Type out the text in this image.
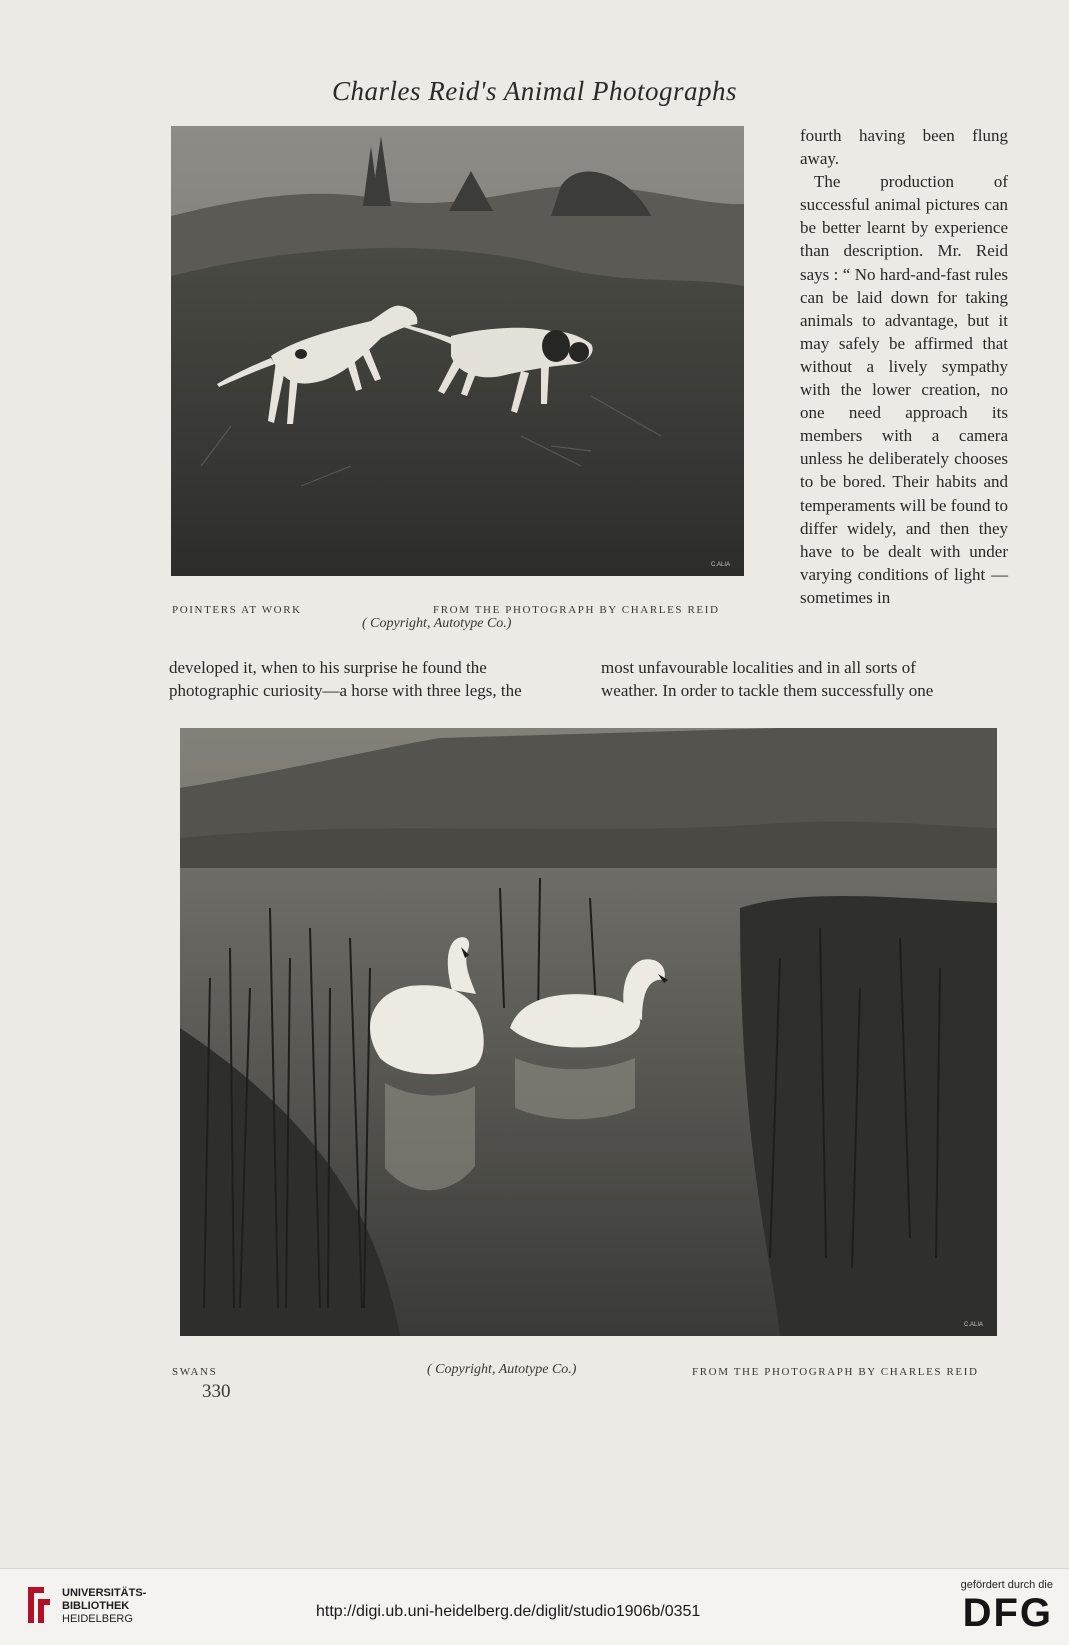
Charles Reid's Animal Photographs
C.ALIA
POINTERS AT WORK	FROM THE PHOTOGRAPH BY CHARLES REID
( Copyright, Autotype Co.)

fourth having been flung away.

The production of successful animal pictures can be better learnt by experience than description. Mr. Reid says : “ No hard-and-fast rules can be laid down for taking animals to advantage, but it may safely be affirmed that without a lively sympathy with the lower creation, no one need approach its members with a camera unless he deliberately chooses to be bored. Their habits and temperaments will be found to differ widely, and then they have to be dealt with under varying conditions of light — sometimes in

developed it, when to his surprise he found the
photographic curiosity—a horse with three legs, the
most unfavourable localities and in all sorts of
weather. In order to tackle them successfully one
C.ALIA
SWANS	( Copyright, Autotype Co.)	FROM THE PHOTOGRAPH BY CHARLES REID
330
UNIVERSITÄTS-
BIBLIOTHEK
HEIDELBERG	http://digi.ub.uni-heidelberg.de/diglit/studio1906b/0351
gefördert durch die
DFG
